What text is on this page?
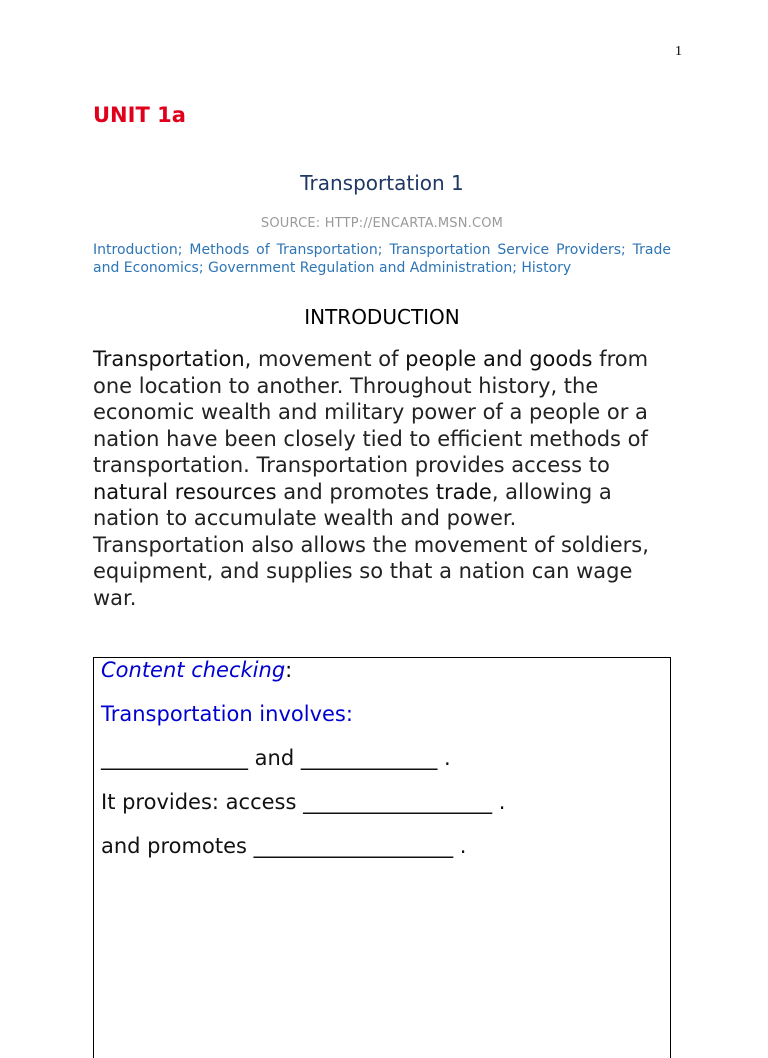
1
UNIT 1a
Transportation 1
SOURCE: HTTP://ENCARTA.MSN.COM
Introduction; Methods of Transportation; Transportation Service Providers; Trade and Economics; Government Regulation and Administration; History
INTRODUCTION
Transportation, movement of people and goods from one location to another. Throughout history, the economic wealth and military power of a people or a nation have been closely tied to efficient methods of transportation. Transportation provides access to natural resources and promotes trade, allowing a nation to accumulate wealth and power. Transportation also allows the movement of soldiers, equipment, and supplies so that a nation can wage war.
Content checking:
Transportation involves:
______________ and _____________ .
It provides: access __________________ .
and promotes ___________________ .
